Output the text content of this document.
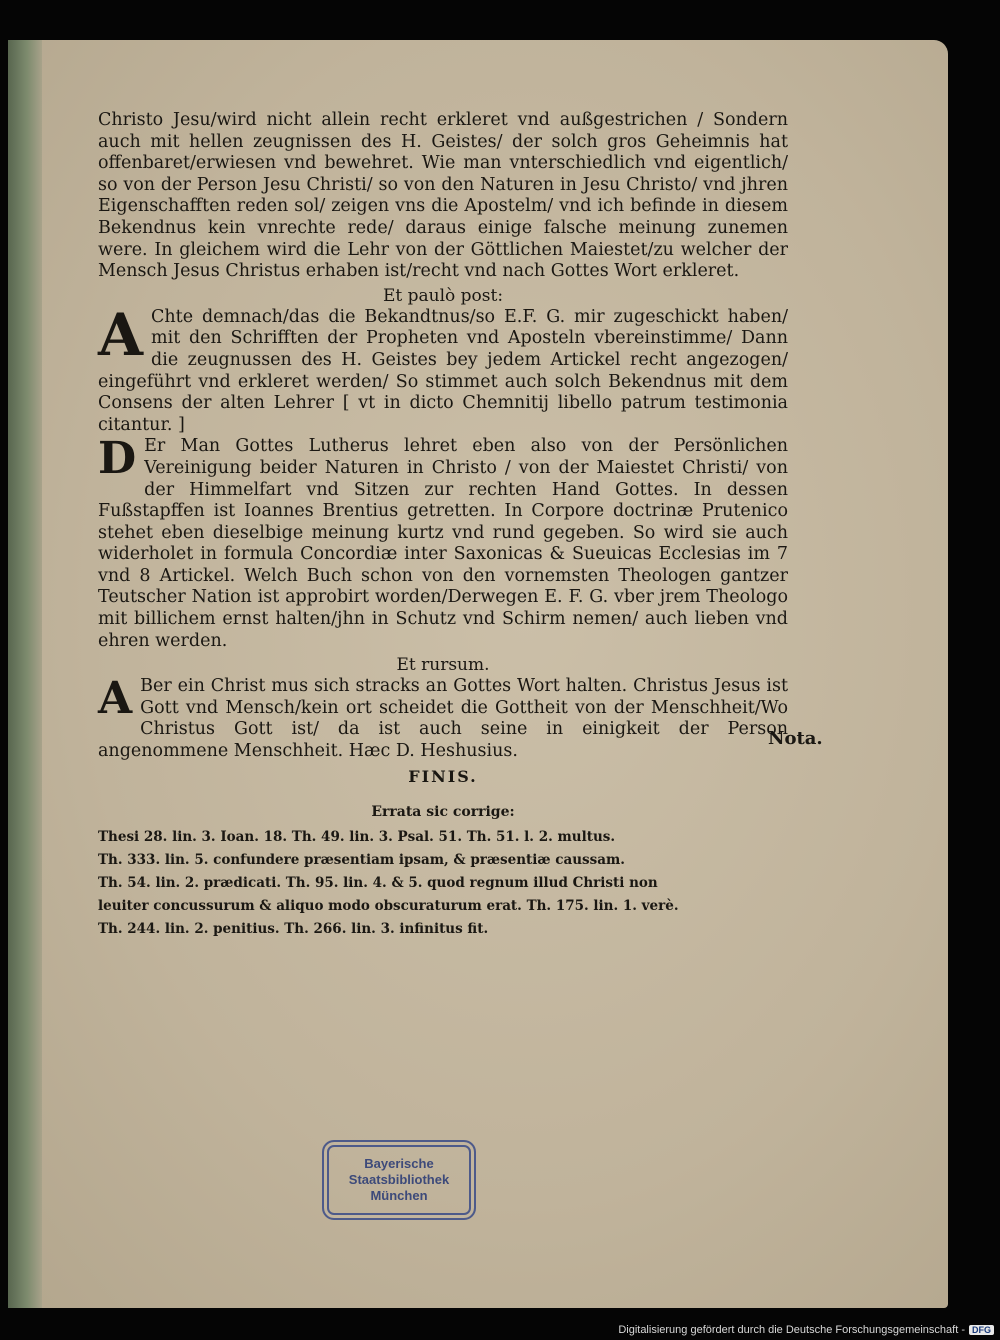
Christo Jesu/wird nicht allein recht erkleret vnd außgestrichen / Sondern auch mit hellen zeugnissen des H. Geistes/ der solch gros Geheimnis hat offenbaret/erwiesen vnd bewehret. Wie man vnterschiedlich vnd eigentlich/ so von der Person Jesu Christi/ so von den Naturen in Jesu Christo/ vnd jhren Eigenschafften reden sol/ zeigen vns die Apostelm/ vnd ich befinde in diesem Bekendnus kein vnrechte rede/ daraus einige falsche meinung zunemen were. In gleichem wird die Lehr von der Göttlichen Maiestet/zu welcher der Mensch Jesus Christus erhaben ist/recht vnd nach Gottes Wort erkleret.

Et paulò post:

A Chte demnach/das die Bekandtnus/so E.F. G. mir zugeschickt haben/ mit den Schrifften der Propheten vnd Aposteln vbereinstimme/ Dann die zeugnussen des H. Geistes bey jedem Artickel recht angezogen/ eingeführt vnd erkleret werden/ So stimmet auch solch Bekendnus mit dem Consens der alten Lehrer [ vt in dicto Chemnitij libello patrum testimonia citantur. ]

D Er Man Gottes Lutherus lehret eben also von der Persönlichen Vereinigung beider Naturen in Christo / von der Maiestet Christi/ von der Himmelfart vnd Sitzen zur rechten Hand Gottes. In dessen Fußstapffen ist Ioannes Brentius getretten. In Corpore doctrinæ Prutenico stehet eben dieselbige meinung kurtz vnd rund gegeben. So wird sie auch widerholet in formula Concordiæ inter Saxonicas & Sueuicas Ecclesias im 7 vnd 8 Artickel. Welch Buch schon von den vornemsten Theologen gantzer Teutscher Nation ist approbirt worden/Derwegen E. F. G. vber jrem Theologo mit billichem ernst halten/jhn in Schutz vnd Schirm nemen/ auch lieben vnd ehren werden.

Et rursum.

A Ber ein Christ mus sich stracks an Gottes Wort halten. Christus Jesus ist Gott vnd Mensch/kein ort scheidet die Gottheit von der Menschheit/Wo Christus Gott ist/ da ist auch seine in einigkeit der Person angenommene Menschheit. Hæc D. Heshusius.

FINIS.
Errata sic corrige:
Thesi 28. lin. 3. Ioan. 18. Th. 49. lin. 3. Psal. 51. Th. 51. l. 2. multus.
Th. 333. lin. 5. confundere præsentiam ipsam, & præsentiæ caussam.
Th. 54. lin. 2. prædicati. Th. 95. lin. 4. & 5. quod regnum illud Christi non
leuiter concussurum & aliquo modo obscuraturum erat. Th. 175. lin. 1. verè.
Th. 244. lin. 2. penitius. Th. 266. lin. 3. infinitus fit.
Nota.
Bayerische
Staatsbibliothek
München
Digitalisierung gefördert durch die Deutsche Forschungsgemeinschaft - DFG
